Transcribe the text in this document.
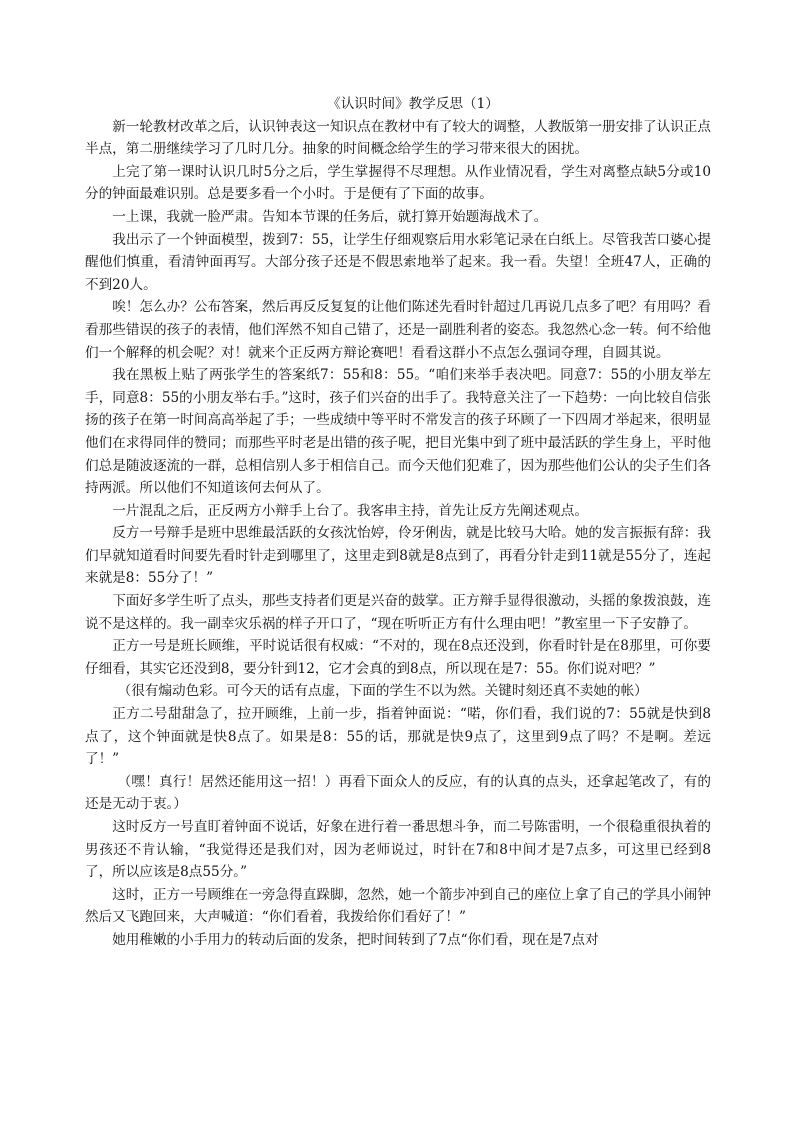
《认识时间》教学反思（1）

新一轮教材改革之后，认识钟表这一知识点在教材中有了较大的调整，人教版第一册安排了认识正点半点，第二册继续学习了几时几分。抽象的时间概念给学生的学习带来很大的困扰。

上完了第一课时认识几时5分之后，学生掌握得不尽理想。从作业情况看，学生对离整点缺5分或10分的钟面最难识别。总是要多看一个小时。于是便有了下面的故事。

一上课，我就一脸严肃。告知本节课的任务后，就打算开始题海战术了。

我出示了一个钟面模型，拨到7：55，让学生仔细观察后用水彩笔记录在白纸上。尽管我苦口婆心提醒他们慎重，看清钟面再写。大部分孩子还是不假思索地举了起来。我一看。失望！全班47人，正确的不到20人。

唉！怎么办？公布答案，然后再反反复复的让他们陈述先看时针超过几再说几点多了吧？有用吗？看看那些错误的孩子的表情，他们浑然不知自己错了，还是一副胜利者的姿态。我忽然心念一转。何不给他们一个解释的机会呢？对！就来个正反两方辩论赛吧！看看这群小不点怎么强词夺理，自圆其说。

我在黑板上贴了两张学生的答案纸7：55和8：55。“咱们来举手表决吧。同意7：55的小朋友举左手，同意8：55的小朋友举右手。”这时，孩子们兴奋的出手了。我特意关注了一下趋势：一向比较自信张扬的孩子在第一时间高高举起了手；一些成绩中等平时不常发言的孩子环顾了一下四周才举起来，很明显他们在求得同伴的赞同；而那些平时老是出错的孩子呢，把目光集中到了班中最活跃的学生身上，平时他们总是随波逐流的一群，总相信别人多于相信自己。而今天他们犯难了，因为那些他们公认的尖子生们各持两派。所以他们不知道该何去何从了。

一片混乱之后，正反两方小辩手上台了。我客串主持，首先让反方先阐述观点。

反方一号辩手是班中思维最活跃的女孩沈怡婷，伶牙俐齿，就是比较马大哈。她的发言振振有辞：我们早就知道看时间要先看时针走到哪里了，这里走到8就是8点到了，再看分针走到11就是55分了，连起来就是8：55分了！”

下面好多学生听了点头，那些支持者们更是兴奋的鼓掌。正方辩手显得很激动，头摇的象拨浪鼓，连说不是这样的。我一副幸灾乐祸的样子开口了，“现在听听正方有什么理由吧！”教室里一下子安静了。

正方一号是班长顾维，平时说话很有权威：“不对的，现在8点还没到，你看时针是在8那里，可你要仔细看，其实它还没到8，要分针到12，它才会真的到8点，所以现在是7：55。你们说对吧？”

（很有煽动色彩。可今天的话有点虚，下面的学生不以为然。关键时刻还真不卖她的帐）

正方二号甜甜急了，拉开顾维，上前一步，指着钟面说：“喏，你们看，我们说的7：55就是快到8点了，这个钟面就是快8点了。如果是8：55的话，那就是快9点了，这里到9点了吗？不是啊。差远了！”

（嘿！真行！居然还能用这一招！）再看下面众人的反应，有的认真的点头，还拿起笔改了，有的还是无动于衷。）

这时反方一号直盯着钟面不说话，好象在进行着一番思想斗争，而二号陈雷明，一个很稳重很执着的男孩还不肯认输，“我觉得还是我们对，因为老师说过，时针在7和8中间才是7点多，可这里已经到8了，所以应该是8点55分。”

这时，正方一号顾维在一旁急得直跺脚，忽然，她一个箭步冲到自己的座位上拿了自己的学具小闹钟然后又飞跑回来，大声喊道：“你们看着，我拨给你们看好了！”

她用稚嫩的小手用力的转动后面的发条，把时间转到了7点“你们看，现在是7点对
